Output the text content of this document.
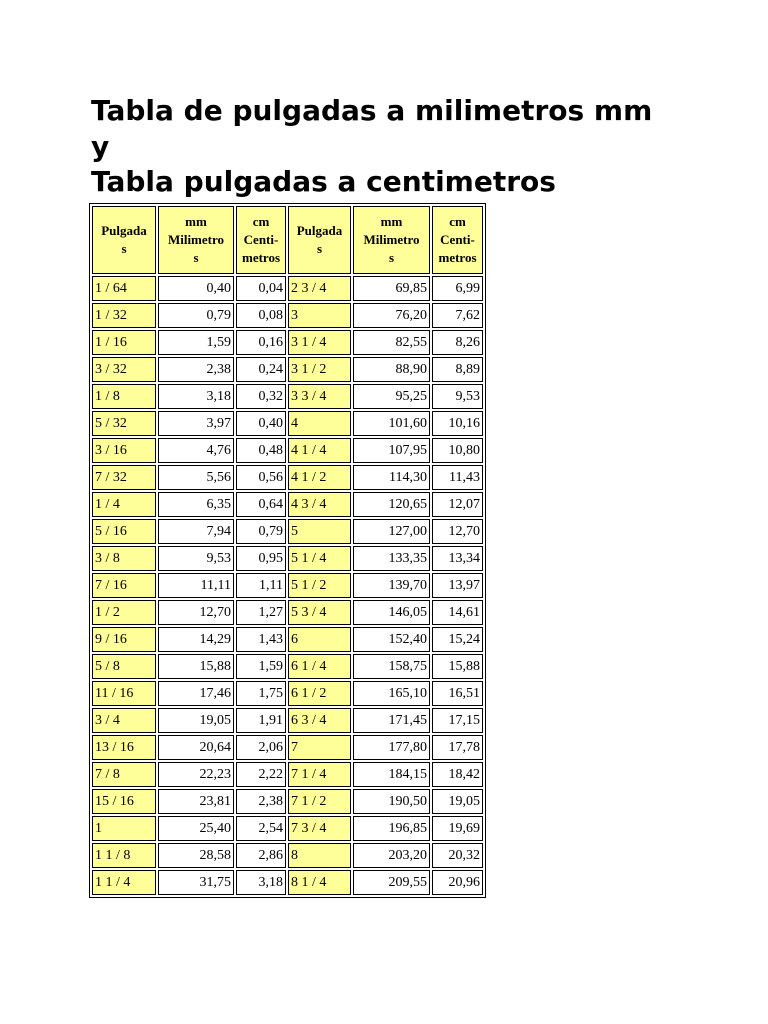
Tabla de pulgadas a milimetros mm
y
Tabla pulgadas a centimetros
Pulgada
s	mm
Milimetro
s	cm
Centi-
metros	Pulgada
s	mm
Milimetro
s	cm
Centi-
metros

1 / 64	0,40	0,04	2 3 / 4	69,85	6,99
1 / 32	0,79	0,08	3	76,20	7,62
1 / 16	1,59	0,16	3 1 / 4	82,55	8,26
3 / 32	2,38	0,24	3 1 / 2	88,90	8,89
1 / 8	3,18	0,32	3 3 / 4	95,25	9,53
5 / 32	3,97	0,40	4	101,60	10,16
3 / 16	4,76	0,48	4 1 / 4	107,95	10,80
7 / 32	5,56	0,56	4 1 / 2	114,30	11,43
1 / 4	6,35	0,64	4 3 / 4	120,65	12,07
5 / 16	7,94	0,79	5	127,00	12,70
3 / 8	9,53	0,95	5 1 / 4	133,35	13,34
7 / 16	11,11	1,11	5 1 / 2	139,70	13,97
1 / 2	12,70	1,27	5 3 / 4	146,05	14,61
9 / 16	14,29	1,43	6	152,40	15,24
5 / 8	15,88	1,59	6 1 / 4	158,75	15,88
11 / 16	17,46	1,75	6 1 / 2	165,10	16,51
3 / 4	19,05	1,91	6 3 / 4	171,45	17,15
13 / 16	20,64	2,06	7	177,80	17,78
7 / 8	22,23	2,22	7 1 / 4	184,15	18,42
15 / 16	23,81	2,38	7 1 / 2	190,50	19,05
1	25,40	2,54	7 3 / 4	196,85	19,69
1 1 / 8	28,58	2,86	8	203,20	20,32
1 1 / 4	31,75	3,18	8 1 / 4	209,55	20,96
